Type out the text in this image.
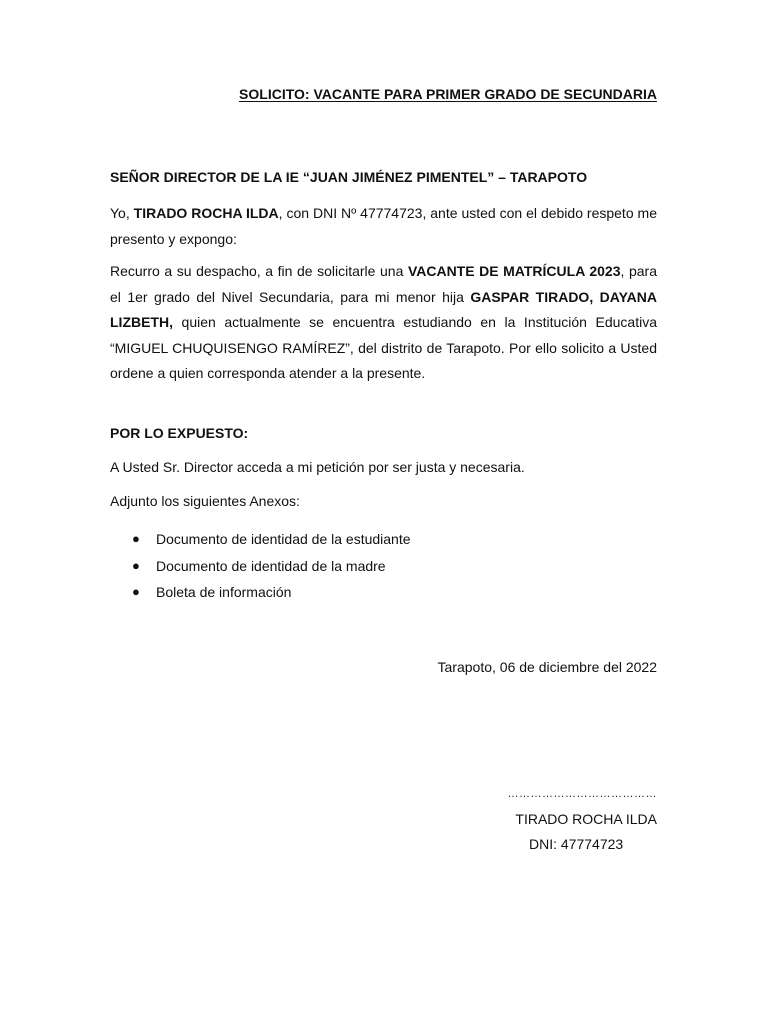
SOLICITO: VACANTE PARA PRIMER GRADO DE SECUNDARIA
SEÑOR DIRECTOR DE LA IE “JUAN JIMÉNEZ PIMENTEL” – TARAPOTO

Yo, TIRADO ROCHA ILDA, con DNI Nº 47774723, ante usted con el debido respeto me presento y expongo:

Recurro a su despacho, a fin de solicitarle una VACANTE DE MATRÍCULA 2023, para el 1er grado del Nivel Secundaria, para mi menor hija GASPAR TIRADO, DAYANA LIZBETH, quien actualmente se encuentra estudiando en la Institución Educativa “MIGUEL CHUQUISENGO RAMÍREZ”, del distrito de Tarapoto. Por ello solicito a Usted ordene a quien corresponda atender a la presente.

POR LO EXPUESTO:
A Usted Sr. Director acceda a mi petición por ser justa y necesaria.
Adjunto los siguientes Anexos:
● Documento de identidad de la estudiante
● Documento de identidad de la madre
● Boleta de información
Tarapoto, 06 de diciembre del 2022
…………………………………
TIRADO ROCHA ILDA
DNI: 47774723
